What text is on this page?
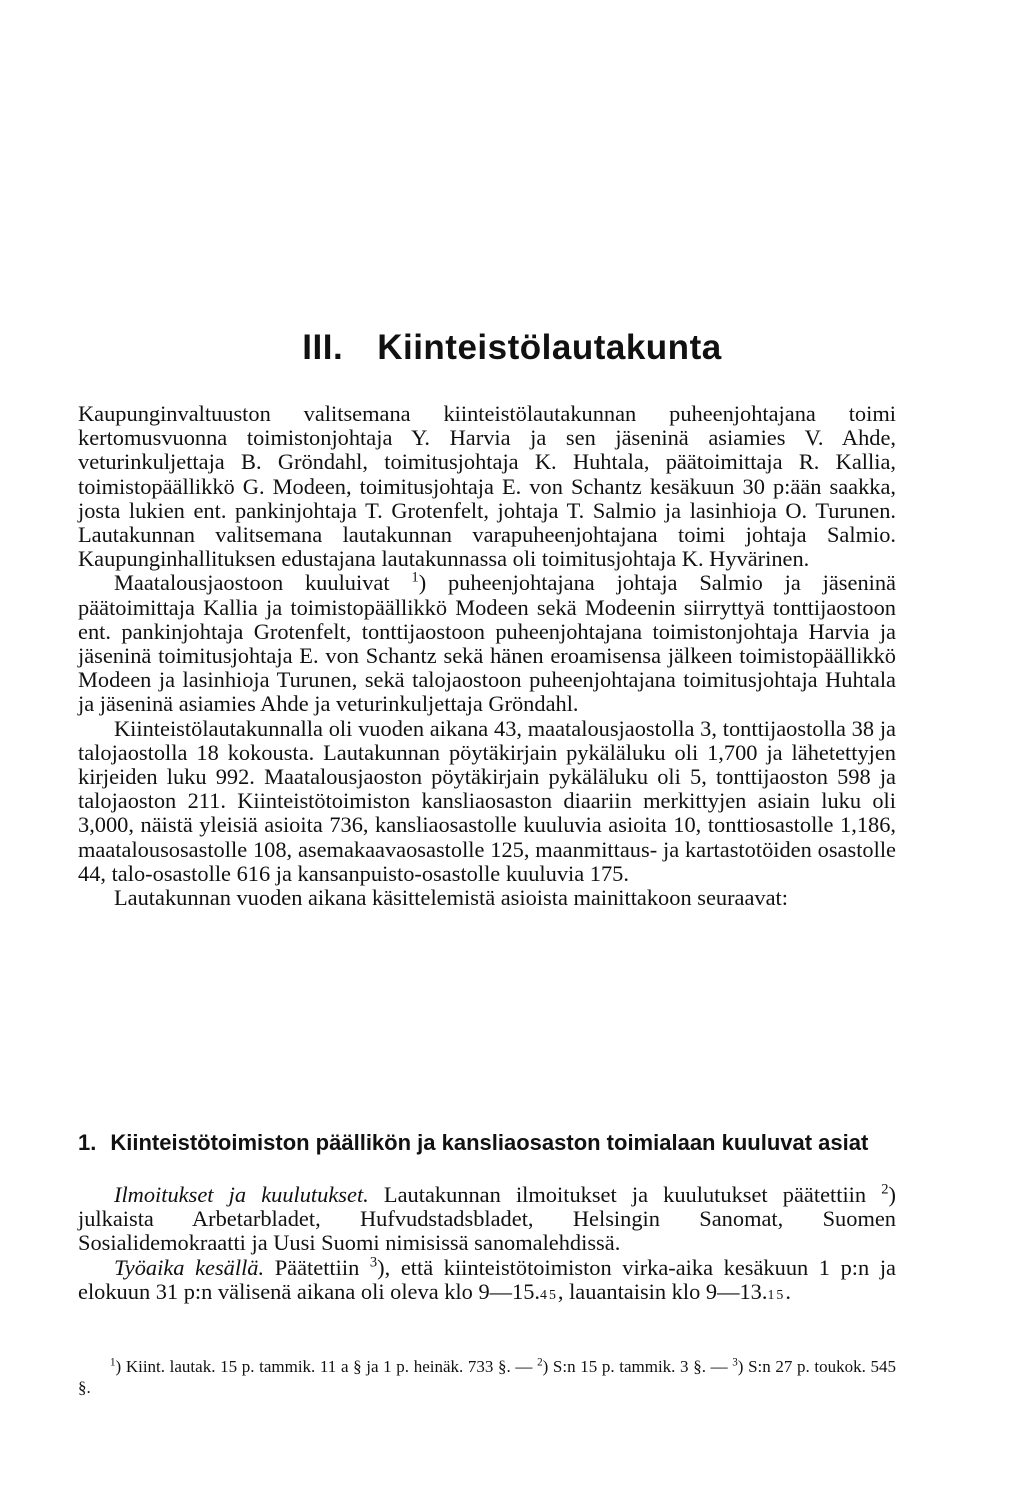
III. Kiinteistölautakunta

Kaupunginvaltuuston valitsemana kiinteistölautakunnan puheenjohtajana toimi kertomusvuonna toimistonjohtaja Y. Harvia ja sen jäseninä asiamies V. Ahde, veturinkuljettaja B. Gröndahl, toimitusjohtaja K. Huhtala, päätoimittaja R. Kallia, toimistopäällikkö G. Modeen, toimitusjohtaja E. von Schantz kesäkuun 30 p:ään saakka, josta lukien ent. pankinjohtaja T. Grotenfelt, johtaja T. Salmio ja lasinhioja O. Turunen. Lautakunnan valitsemana lautakunnan varapuheenjohtajana toimi johtaja Salmio. Kaupunginhallituksen edustajana lautakunnassa oli toimitusjohtaja K. Hyvärinen.

Maatalousjaostoon kuuluivat $^1$) puheenjohtajana johtaja Salmio ja jäseninä päätoimittaja Kallia ja toimistopäällikkö Modeen sekä Modeenin siirryttyä tonttijaostoon ent. pankinjohtaja Grotenfelt, tonttijaostoon puheenjohtajana toimistonjohtaja Harvia ja jäseninä toimitusjohtaja E. von Schantz sekä hänen eroamisensa jälkeen toimistopäällikkö Modeen ja lasinhioja Turunen, sekä talojaostoon puheenjohtajana toimitusjohtaja Huhtala ja jäseninä asiamies Ahde ja veturinkuljettaja Gröndahl.

Kiinteistölautakunnalla oli vuoden aikana 43, maatalousjaostolla 3, tonttijaostolla 38 ja talojaostolla 18 kokousta. Lautakunnan pöytäkirjain pykäläluku oli 1,700 ja lähetettyjen kirjeiden luku 992. Maatalousjaoston pöytäkirjain pykäläluku oli 5, tonttijaoston 598 ja talojaoston 211. Kiinteistötoimiston kansliaosaston diaariin merkittyjen asiain luku oli 3,000, näistä yleisiä asioita 736, kansliaosastolle kuuluvia asioita 10, tonttiosastolle 1,186, maatalousosastolle 108, asemakaavaosastolle 125, maanmittaus- ja kartastotöiden osastolle 44, talo-osastolle 616 ja kansanpuisto-osastolle kuuluvia 175.

Lautakunnan vuoden aikana käsittelemistä asioista mainittakoon seuraavat:

1. Kiinteistötoimiston päällikön ja kansliaosaston toimialaan kuuluvat asiat

Ilmoitukset ja kuulutukset. Lautakunnan ilmoitukset ja kuulutukset päätettiin $^2$) julkaista Arbetarbladet, Hufvudstadsbladet, Helsingin Sanomat, Suomen Sosialidemokraatti ja Uusi Suomi nimisissä sanomalehdissä.

Työaika kesällä. Päätettiin $^3$), että kiinteistötoimiston virka-aika kesäkuun 1 p:n ja elokuun 31 p:n välisenä aikana oli oleva klo 9—15.45, lauantaisin klo 9—13.15.

$^1$) Kiint. lautak. 15 p. tammik. 11 a § ja 1 p. heinäk. 733 §. — $^2$) S:n 15 p. tammik. 3 §. — $^3$) S:n 27 p. toukok. 545 §.
